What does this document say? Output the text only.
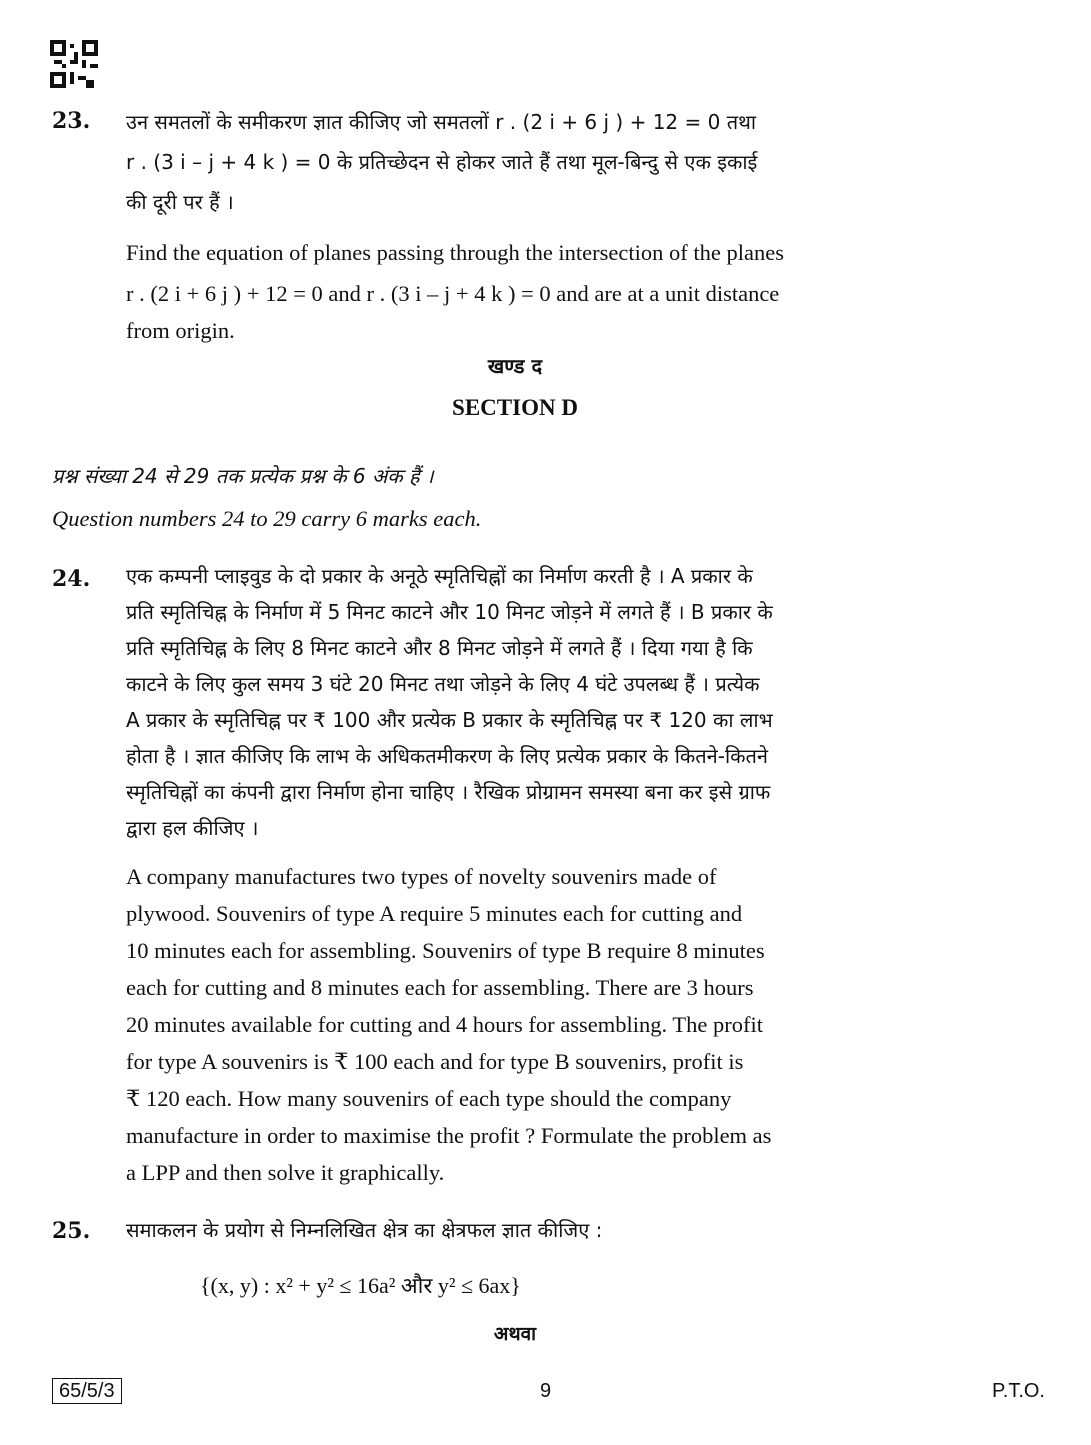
23. उन समतलों के समीकरण ज्ञात कीजिए जो समतलों r . (2 i + 6 j ) + 12 = 0 तथा
r . (3 i – j + 4 k ) = 0 के प्रतिच्छेदन से होकर जाते हैं तथा मूल-बिन्दु से एक इकाई
की दूरी पर हैं ।
Find the equation of planes passing through the intersection of the planes
r . (2 i + 6 j ) + 12 = 0 and r . (3 i – j + 4 k ) = 0 and are at a unit distance
from origin.
खण्ड द
SECTION D
प्रश्न संख्या 24 से 29 तक प्रत्येक प्रश्न के 6 अंक हैं ।
Question numbers 24 to 29 carry 6 marks each.
24. एक कम्पनी प्लाइवुड के दो प्रकार के अनूठे स्मृतिचिह्नों का निर्माण करती है । A प्रकार के
प्रति स्मृतिचिह्न के निर्माण में 5 मिनट काटने और 10 मिनट जोड़ने में लगते हैं । B प्रकार के
प्रति स्मृतिचिह्न के लिए 8 मिनट काटने और 8 मिनट जोड़ने में लगते हैं । दिया गया है कि
काटने के लिए कुल समय 3 घंटे 20 मिनट तथा जोड़ने के लिए 4 घंटे उपलब्ध हैं । प्रत्येक
A प्रकार के स्मृतिचिह्न पर ₹ 100 और प्रत्येक B प्रकार के स्मृतिचिह्न पर ₹ 120 का लाभ
होता है । ज्ञात कीजिए कि लाभ के अधिकतमीकरण के लिए प्रत्येक प्रकार के कितने-कितने
स्मृतिचिह्नों का कंपनी द्वारा निर्माण होना चाहिए । रैखिक प्रोग्रामन समस्या बना कर इसे ग्राफ
द्वारा हल कीजिए ।
A company manufactures two types of novelty souvenirs made of
plywood. Souvenirs of type A require 5 minutes each for cutting and
10 minutes each for assembling. Souvenirs of type B require 8 minutes
each for cutting and 8 minutes each for assembling. There are 3 hours
20 minutes available for cutting and 4 hours for assembling. The profit
for type A souvenirs is ₹ 100 each and for type B souvenirs, profit is
₹ 120 each. How many souvenirs of each type should the company
manufacture in order to maximise the profit ? Formulate the problem as
a LPP and then solve it graphically.
25. समाकलन के प्रयोग से निम्नलिखित क्षेत्र का क्षेत्रफल ज्ञात कीजिए :
{(x, y) : x² + y² ≤ 16a² और y² ≤ 6ax}
अथवा
65/5/3	9	P.T.O.
